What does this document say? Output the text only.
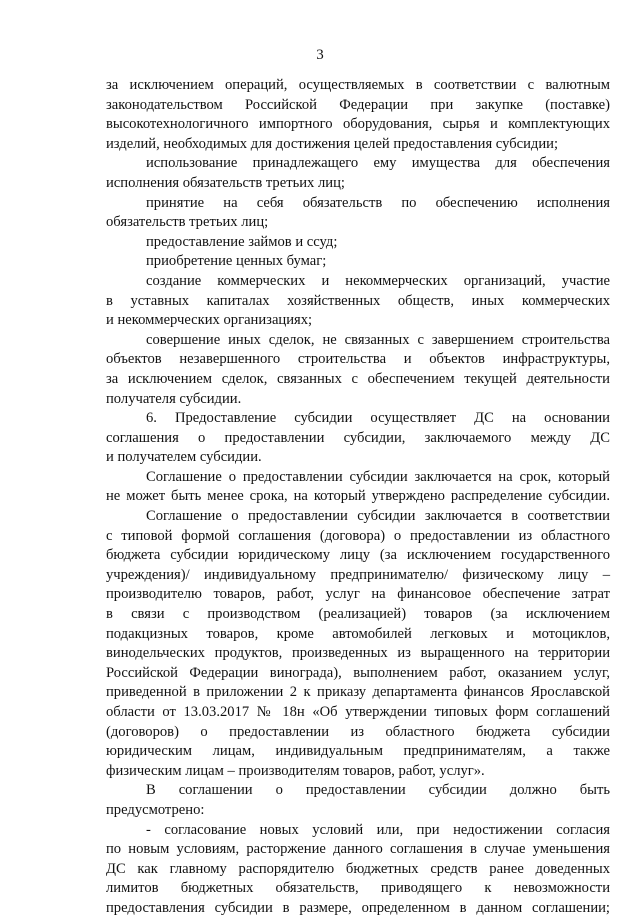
3
за исключением операций, осуществляемых в соответствии с валютным
законодательством Российской Федерации при закупке (поставке)
высокотехнологичного импортного оборудования, сырья и комплектующих
изделий, необходимых для достижения целей предоставления субсидии;
использование принадлежащего ему имущества для обеспечения
исполнения обязательств третьих лиц;
принятие на себя обязательств по обеспечению исполнения
обязательств третьих лиц;
предоставление займов и ссуд;
приобретение ценных бумаг;
создание коммерческих и некоммерческих организаций, участие
в уставных капиталах хозяйственных обществ, иных коммерческих
и некоммерческих организациях;
совершение иных сделок, не связанных с завершением строительства
объектов незавершенного строительства и объектов инфраструктуры,
за исключением сделок, связанных с обеспечением текущей деятельности
получателя субсидии.
6. Предоставление субсидии осуществляет ДС на основании
соглашения о предоставлении субсидии, заключаемого между ДС
и получателем субсидии.
Соглашение о предоставлении субсидии заключается на срок, который
не может быть менее срока, на который утверждено распределение субсидии.
Соглашение о предоставлении субсидии заключается в соответствии
с типовой формой соглашения (договора) о предоставлении из областного
бюджета субсидии юридическому лицу (за исключением государственного
учреждения)/ индивидуальному предпринимателю/ физическому лицу –
производителю товаров, работ, услуг на финансовое обеспечение затрат
в связи с производством (реализацией) товаров (за исключением
подакцизных товаров, кроме автомобилей легковых и мотоциклов,
винодельческих продуктов, произведенных из выращенного на территории
Российской Федерации винограда), выполнением работ, оказанием услуг,
приведенной в приложении 2 к приказу департамента финансов Ярославской
области от 13.03.2017 № 18н «Об утверждении типовых форм соглашений
(договоров) о предоставлении из областного бюджета субсидии
юридическим лицам, индивидуальным предпринимателям, а также
физическим лицам – производителям товаров, работ, услуг».
В соглашении о предоставлении субсидии должно быть
предусмотрено:
- согласование новых условий или, при недостижении согласия
по новым условиям, расторжение данного соглашения в случае уменьшения
ДС как главному распорядителю бюджетных средств ранее доведенных
лимитов бюджетных обязательств, приводящего к невозможности
предоставления субсидии в размере, определенном в данном соглашении;
